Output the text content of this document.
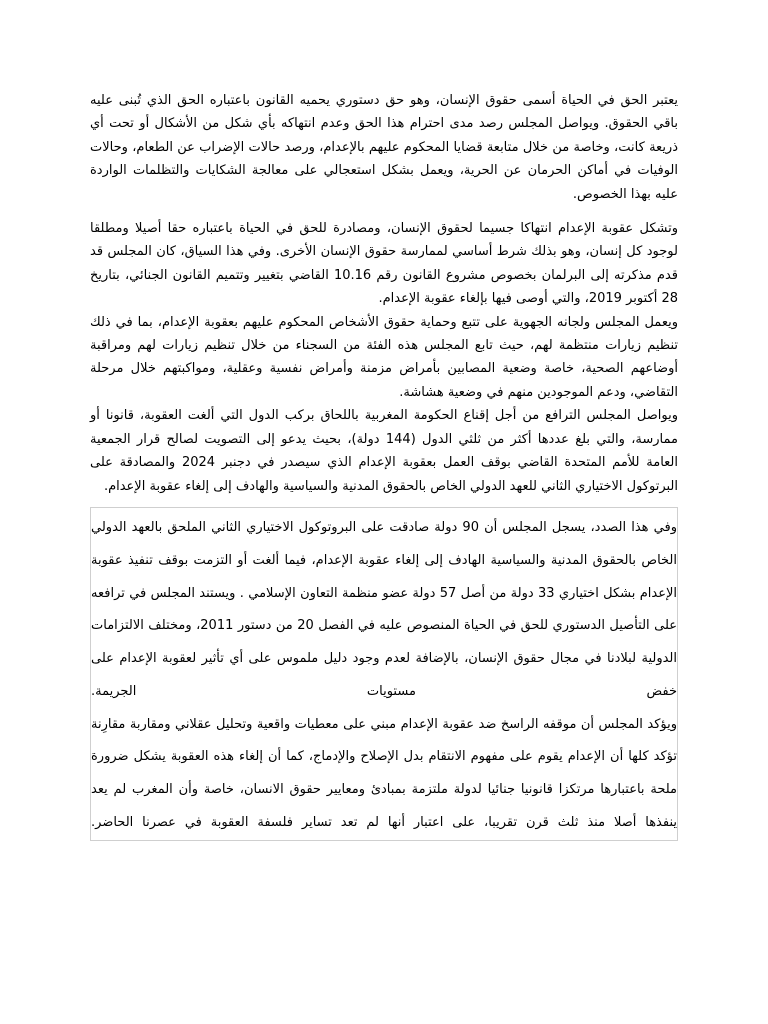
يعتبر الحق في الحياة أسمى حقوق الإنسان، وهو حق دستوري يحميه القانون باعتباره الحق الذي تُبنى عليه باقي الحقوق. ويواصل المجلس رصد مدى احترام هذا الحق وعدم انتهاكه بأي شكل من الأشكال أو تحت أي ذريعة كانت، وخاصة من خلال متابعة قضايا المحكوم عليهم بالإعدام، ورصد حالات الإضراب عن الطعام، وحالات الوفيات في أماكن الحرمان عن الحرية، ويعمل بشكل استعجالي على معالجة الشكايات والتظلمات الواردة عليه بهذا الخصوص.

وتشكل عقوبة الإعدام انتهاكا جسيما لحقوق الإنسان، ومصادرة للحق في الحياة باعتباره حقا أصيلا ومطلقا لوجود كل إنسان، وهو بذلك شرط أساسي لممارسة حقوق الإنسان الأخرى. وفي هذا السياق، كان المجلس قد قدم مذكرته إلى البرلمان بخصوص مشروع القانون رقم 10.16 القاضي بتغيير وتتميم القانون الجنائي، بتاريخ 28 أكتوبر 2019، والتي أوصى فيها بإلغاء عقوبة الإعدام.

ويعمل المجلس ولجانه الجهوية على تتبع وحماية حقوق الأشخاص المحكوم عليهم بعقوبة الإعدام، بما في ذلك تنظيم زيارات منتظمة لهم، حيث تابع المجلس هذه الفئة من السجناء من خلال تنظيم زيارات لهم ومراقبة أوضاعهم الصحية، خاصة وضعية المصابين بأمراض مزمنة وأمراض نفسية وعقلية، ومواكبتهم خلال مرحلة التقاضي، ودعم الموجودين منهم في وضعية هشاشة.

ويواصل المجلس الترافع من أجل إقناع الحكومة المغربية باللحاق بركب الدول التي ألغت العقوبة، قانونا أو ممارسة، والتي بلغ عددها أكثر من ثلثي الدول (144 دولة)، بحيث يدعو إلى التصويت لصالح قرار الجمعية العامة للأمم المتحدة القاضي بوقف العمل بعقوبة الإعدام الذي سيصدر في دجنبر 2024 والمصادقة على البرتوكول الاختياري الثاني للعهد الدولي الخاص بالحقوق المدنية والسياسية والهادف إلى إلغاء عقوبة الإعدام.

وفي هذا الصدد، يسجل المجلس أن 90 دولة صادقت على البروتوكول الاختياري الثاني الملحق بالعهد الدولي الخاص بالحقوق المدنية والسياسية الهادف إلى إلغاء عقوبة الإعدام، فيما ألغت أو التزمت بوقف تنفيذ عقوبة الإعدام بشكل اختياري 33 دولة من أصل 57 دولة عضو منظمة التعاون الإسلامي . ويستند المجلس في ترافعه على التأصيل الدستوري للحق في الحياة المنصوص عليه في الفصل 20 من دستور 2011، ومختلف الالتزامات الدولية لبلادنا في مجال حقوق الإنسان، بالإضافة لعدم وجود دليل ملموس على أي تأثير لعقوبة الإعدام على خفض مستويات الجريمة.

ويؤكد المجلس أن موقفه الراسخ ضد عقوبة الإعدام مبني على معطيات واقعية وتحليل عقلاني ومقاربة مقارِنة تؤكد كلها أن الإعدام يقوم على مفهوم الانتقام بدل الإصلاح والإدماج، كما أن إلغاء هذه العقوبة يشكل ضرورة ملحة باعتبارها مرتكزا قانونيا جنائيا لدولة ملتزمة بمبادئ ومعايير حقوق الانسان، خاصة وأن المغرب لم يعد ينفذها أصلا منذ ثلث قرن تقريبا، على اعتبار أنها لم تعد تساير فلسفة العقوبة في عصرنا الحاضر.
